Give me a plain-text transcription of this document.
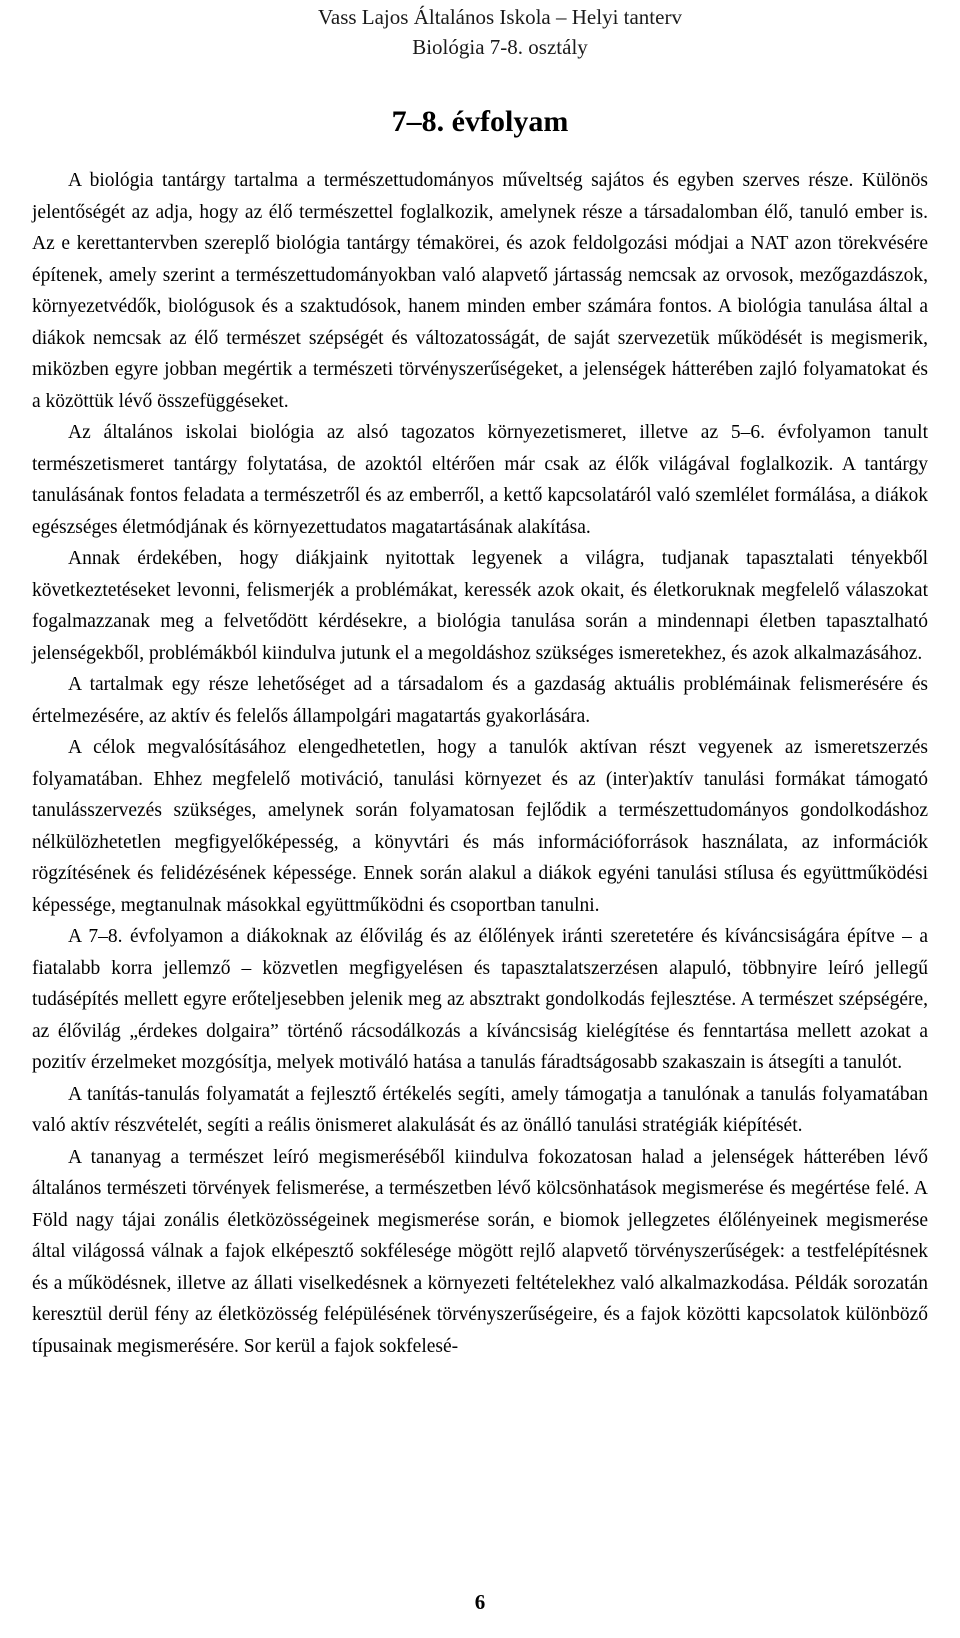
Vass Lajos Általános Iskola – Helyi tanterv
Biológia 7-8. osztály
7–8. évfolyam

A biológia tantárgy tartalma a természettudományos műveltség sajátos és egyben szerves része. Különös jelentőségét az adja, hogy az élő természettel foglalkozik, amelynek része a társadalomban élő, tanuló ember is. Az e kerettantervben szereplő biológia tantárgy témakörei, és azok feldolgozási módjai a NAT azon törekvésére építenek, amely szerint a természettudományokban való alapvető jártasság nemcsak az orvosok, mezőgazdászok, környezetvédők, biológusok és a szaktudósok, hanem minden ember számára fontos. A biológia tanulása által a diákok nemcsak az élő természet szépségét és változatosságát, de saját szervezetük működését is megismerik, miközben egyre jobban megértik a természeti törvényszerűségeket, a jelenségek hátterében zajló folyamatokat és a közöttük lévő összefüggéseket.

Az általános iskolai biológia az alsó tagozatos környezetismeret, illetve az 5–6. évfolyamon tanult természetismeret tantárgy folytatása, de azoktól eltérően már csak az élők világával foglalkozik. A tantárgy tanulásának fontos feladata a természetről és az emberről, a kettő kapcsolatáról való szemlélet formálása, a diákok egészséges életmódjának és környezettudatos magatartásának alakítása.

Annak érdekében, hogy diákjaink nyitottak legyenek a világra, tudjanak tapasztalati tényekből következtetéseket levonni, felismerjék a problémákat, keressék azok okait, és életkoruknak megfelelő válaszokat fogalmazzanak meg a felvetődött kérdésekre, a biológia tanulása során a mindennapi életben tapasztalható jelenségekből, problémákból kiindulva jutunk el a megoldáshoz szükséges ismeretekhez, és azok alkalmazásához.

A tartalmak egy része lehetőséget ad a társadalom és a gazdaság aktuális problémáinak felismerésére és értelmezésére, az aktív és felelős állampolgári magatartás gyakorlására.

A célok megvalósításához elengedhetetlen, hogy a tanulók aktívan részt vegyenek az ismeretszerzés folyamatában. Ehhez megfelelő motiváció, tanulási környezet és az (inter)aktív tanulási formákat támogató tanulásszervezés szükséges, amelynek során folyamatosan fejlődik a természettudományos gondolkodáshoz nélkülözhetetlen megfigyelőképesség, a könyvtári és más információforrások használata, az információk rögzítésének és felidézésének képessége. Ennek során alakul a diákok egyéni tanulási stílusa és együttműködési képessége, megtanulnak másokkal együttműködni és csoportban tanulni.

A 7–8. évfolyamon a diákoknak az élővilág és az élőlények iránti szeretetére és kíváncsiságára építve – a fiatalabb korra jellemző – közvetlen megfigyelésen és tapasztalatszerzésen alapuló, többnyire leíró jellegű tudásépítés mellett egyre erőteljesebben jelenik meg az absztrakt gondolkodás fejlesztése. A természet szépségére, az élővilág „érdekes dolgaira” történő rácsodálkozás a kíváncsiság kielégítése és fenntartása mellett azokat a pozitív érzelmeket mozgósítja, melyek motiváló hatása a tanulás fáradtságosabb szakaszain is átsegíti a tanulót.

A tanítás-tanulás folyamatát a fejlesztő értékelés segíti, amely támogatja a tanulónak a tanulás folyamatában való aktív részvételét, segíti a reális önismeret alakulását és az önálló tanulási stratégiák kiépítését.

A tananyag a természet leíró megismeréséből kiindulva fokozatosan halad a jelenségek hátterében lévő általános természeti törvények felismerése, a természetben lévő kölcsönhatások megismerése és megértése felé. A Föld nagy tájai zonális életközösségeinek megismerése során, e biomok jellegzetes élőlényeinek megismerése által világossá válnak a fajok elképesztő sokfélesége mögött rejlő alapvető törvényszerűségek: a testfelépítésnek és a működésnek, illetve az állati viselkedésnek a környezeti feltételekhez való alkalmazkodása. Példák sorozatán keresztül derül fény az életközösség felépülésének törvényszerűségeire, és a fajok közötti kapcsolatok különböző típusainak megismerésére. Sor kerül a fajok sokfelesé-

6
